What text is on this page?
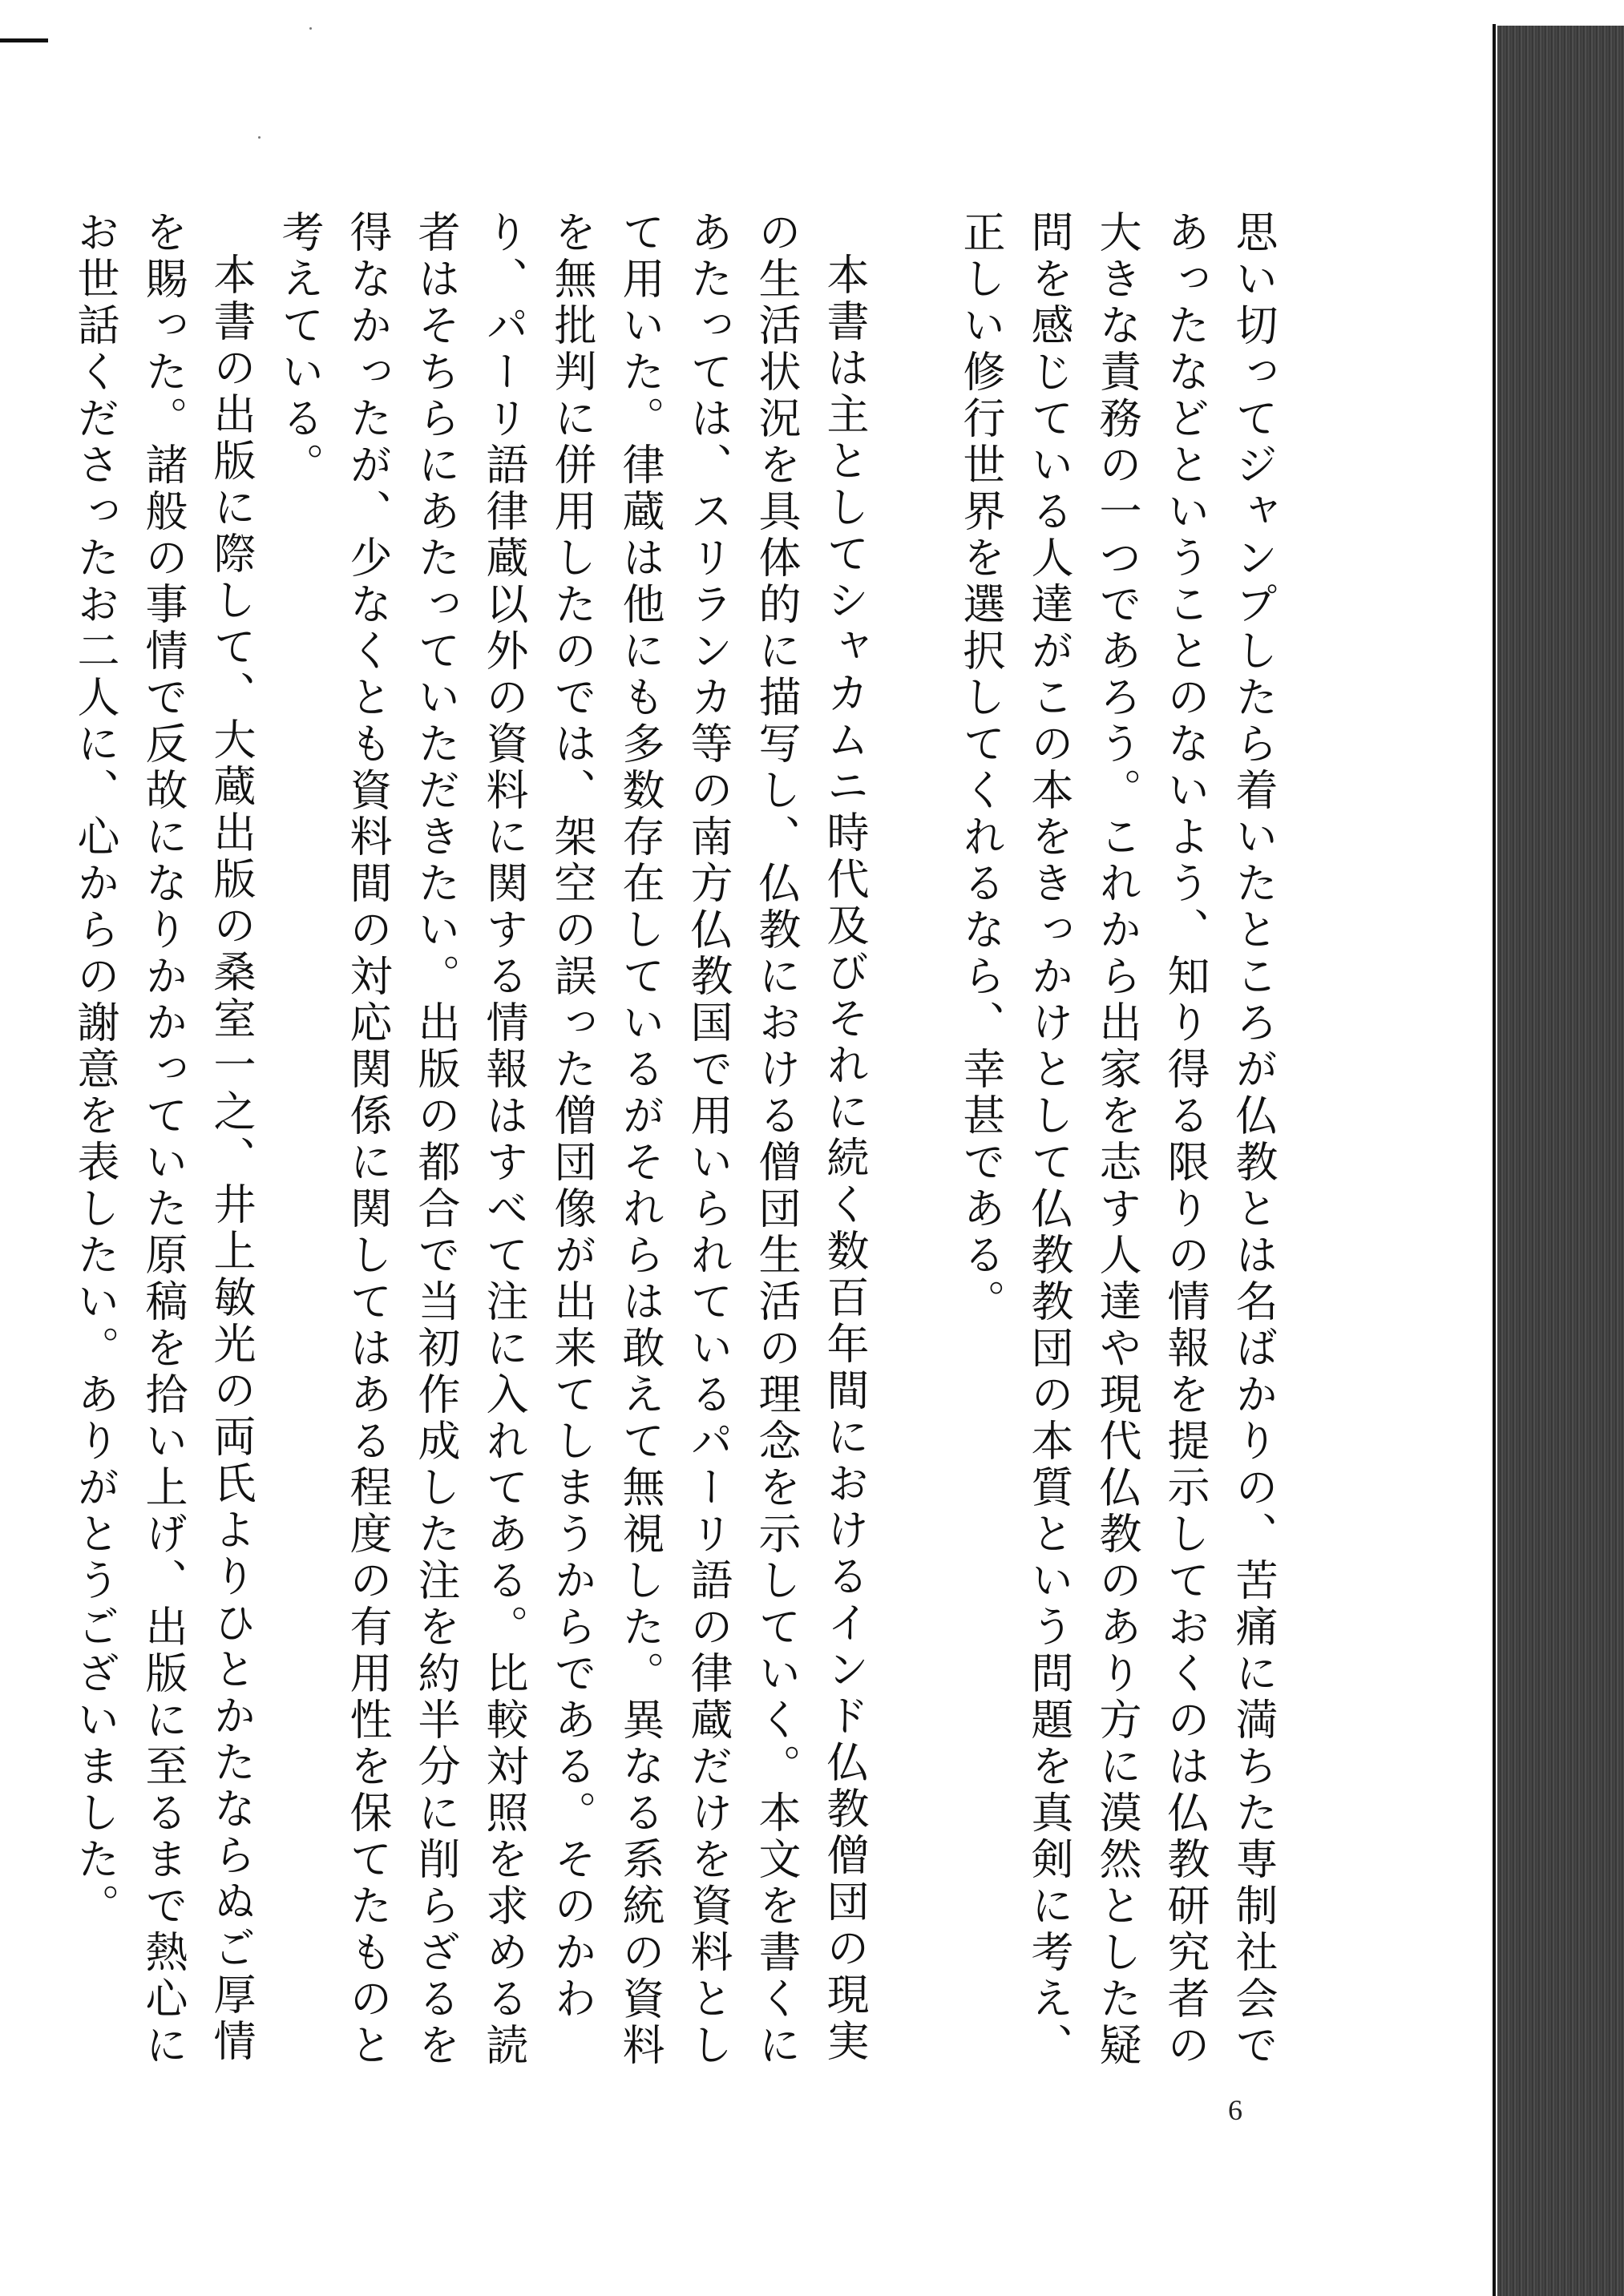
思い切ってジャンプしたら着いたところが仏教とは名ばかりの、苦痛に満ちた専制社会であったなどということのないよう、知り得る限りの情報を提示しておくのは仏教研究者の大きな責務の一つであろう。これから出家を志す人達や現代仏教のあり方に漠然とした疑問を感じている人達がこの本をきっかけとして仏教教団の本質という問題を真剣に考え、正しい修行世界を選択してくれるなら、幸甚である。

本書は主としてシャカムニ時代及びそれに続く数百年間におけるインド仏教僧団の現実の生活状況を具体的に描写し、仏教における僧団生活の理念を示していく。本文を書くにあたっては、スリランカ等の南方仏教国で用いられているパーリ語の律蔵だけを資料として用いた。律蔵は他にも多数存在しているがそれらは敢えて無視した。異なる系統の資料を無批判に併用したのでは、架空の誤った僧団像が出来てしまうからである。そのかわり、パーリ語律蔵以外の資料に関する情報はすべて注に入れてある。比較対照を求める読者はそちらにあたっていただきたい。出版の都合で当初作成した注を約半分に削らざるを得なかったが、少なくとも資料間の対応関係に関してはある程度の有用性を保てたものと考えている。

本書の出版に際して、大蔵出版の桑室一之、井上敏光の両氏よりひとかたならぬご厚情を賜った。諸般の事情で反故になりかかっていた原稿を拾い上げ、出版に至るまで熱心にお世話くださったお二人に、心からの謝意を表したい。ありがとうございました。

6
